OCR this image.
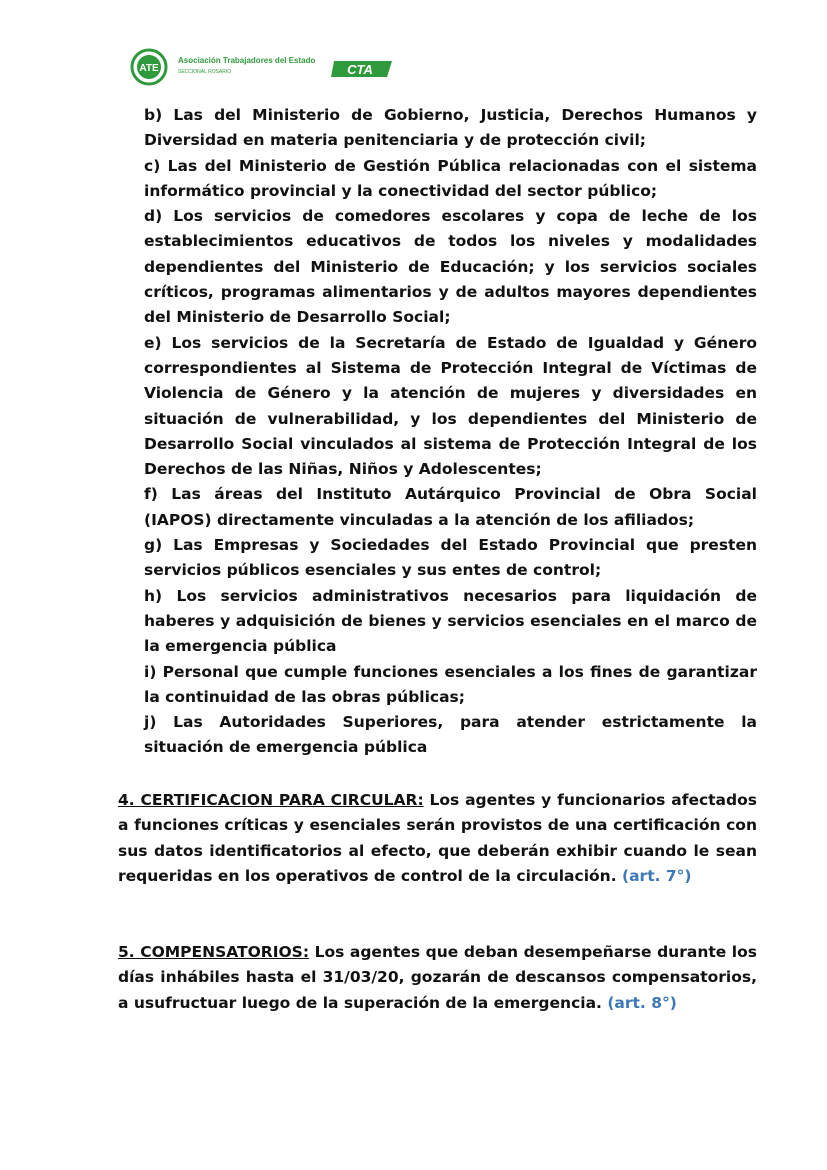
ATE
Asociación Trabajadores del Estado
SECCIONAL ROSARIO	CTA

b) Las del Ministerio de Gobierno, Justicia, Derechos Humanos y Diversidad en materia penitenciaria y de protección civil;

c) Las del Ministerio de Gestión Pública relacionadas con el sistema informático provincial y la conectividad del sector público;

d) Los servicios de comedores escolares y copa de leche de los establecimientos educativos de todos los niveles y modalidades dependientes del Ministerio de Educación; y los servicios sociales críticos, programas alimentarios y de adultos mayores dependientes del Ministerio de Desarrollo Social;

e) Los servicios de la Secretaría de Estado de Igualdad y Género correspondientes al Sistema de Protección Integral de Víctimas de Violencia de Género y la atención de mujeres y diversidades en situación de vulnerabilidad, y los dependientes del Ministerio de Desarrollo Social vinculados al sistema de Protección Integral de los Derechos de las Niñas, Niños y Adolescentes;

f) Las áreas del Instituto Autárquico Provincial de Obra Social (IAPOS) directamente vinculadas a la atención de los afiliados;

g) Las Empresas y Sociedades del Estado Provincial que presten servicios públicos esenciales y sus entes de control;

h) Los servicios administrativos necesarios para liquidación de haberes y adquisición de bienes y servicios esenciales en el marco de la emergencia pública

i) Personal que cumple funciones esenciales a los fines de garantizar la continuidad de las obras públicas;

j) Las Autoridades Superiores, para atender estrictamente la situación de emergencia pública

4. CERTIFICACION PARA CIRCULAR: Los agentes y funcionarios afectados a funciones críticas y esenciales serán provistos de una certificación con sus datos identificatorios al efecto, que deberán exhibir cuando le sean requeridas en los operativos de control de la circulación. (art. 7°)

5. COMPENSATORIOS: Los agentes que deban desempeñarse durante los días inhábiles hasta el 31/03/20, gozarán de descansos compensatorios, a usufructuar luego de la superación de la emergencia. (art. 8°)
